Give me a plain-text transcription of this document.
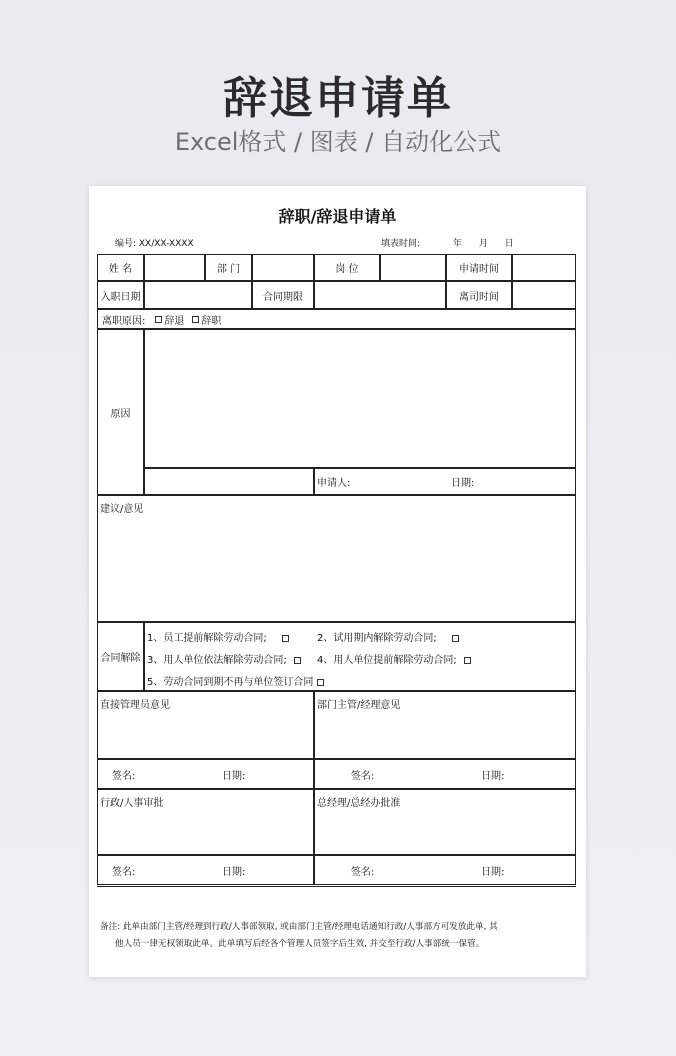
辞退申请单
Excel格式 / 图表 / 自动化公式
辞职/辞退申请单
编号: XX/XX-XXXX	填表时间:	年 月 日
姓 名	部 门	岗 位	申请时间
入职日期	合同期限	离司时间
离职原因: 辞退 辞职
原因
申请人:	日期:
建议/意见
合同解除
1、员工提前解除劳动合同;	2、试用期内解除劳动合同;
3、用人单位依法解除劳动合同;	4、用人单位提前解除劳动合同;
5、劳动合同到期不再与单位签订合同
直接管理员意见	部门主管/经理意见
签名:	日期:	签名:	日期:
行政/人事审批	总经理/总经办批准
签名:	日期:	签名:	日期:
备注: 此单由部门主管/经理到行政/人事部领取, 或由部门主管/经理电话通知行政/人事部方可发放此单, 其
他人员一律无权领取此单。此单填写后经各个管理人员签字后生效, 并交至行政/人事部统一保管。
